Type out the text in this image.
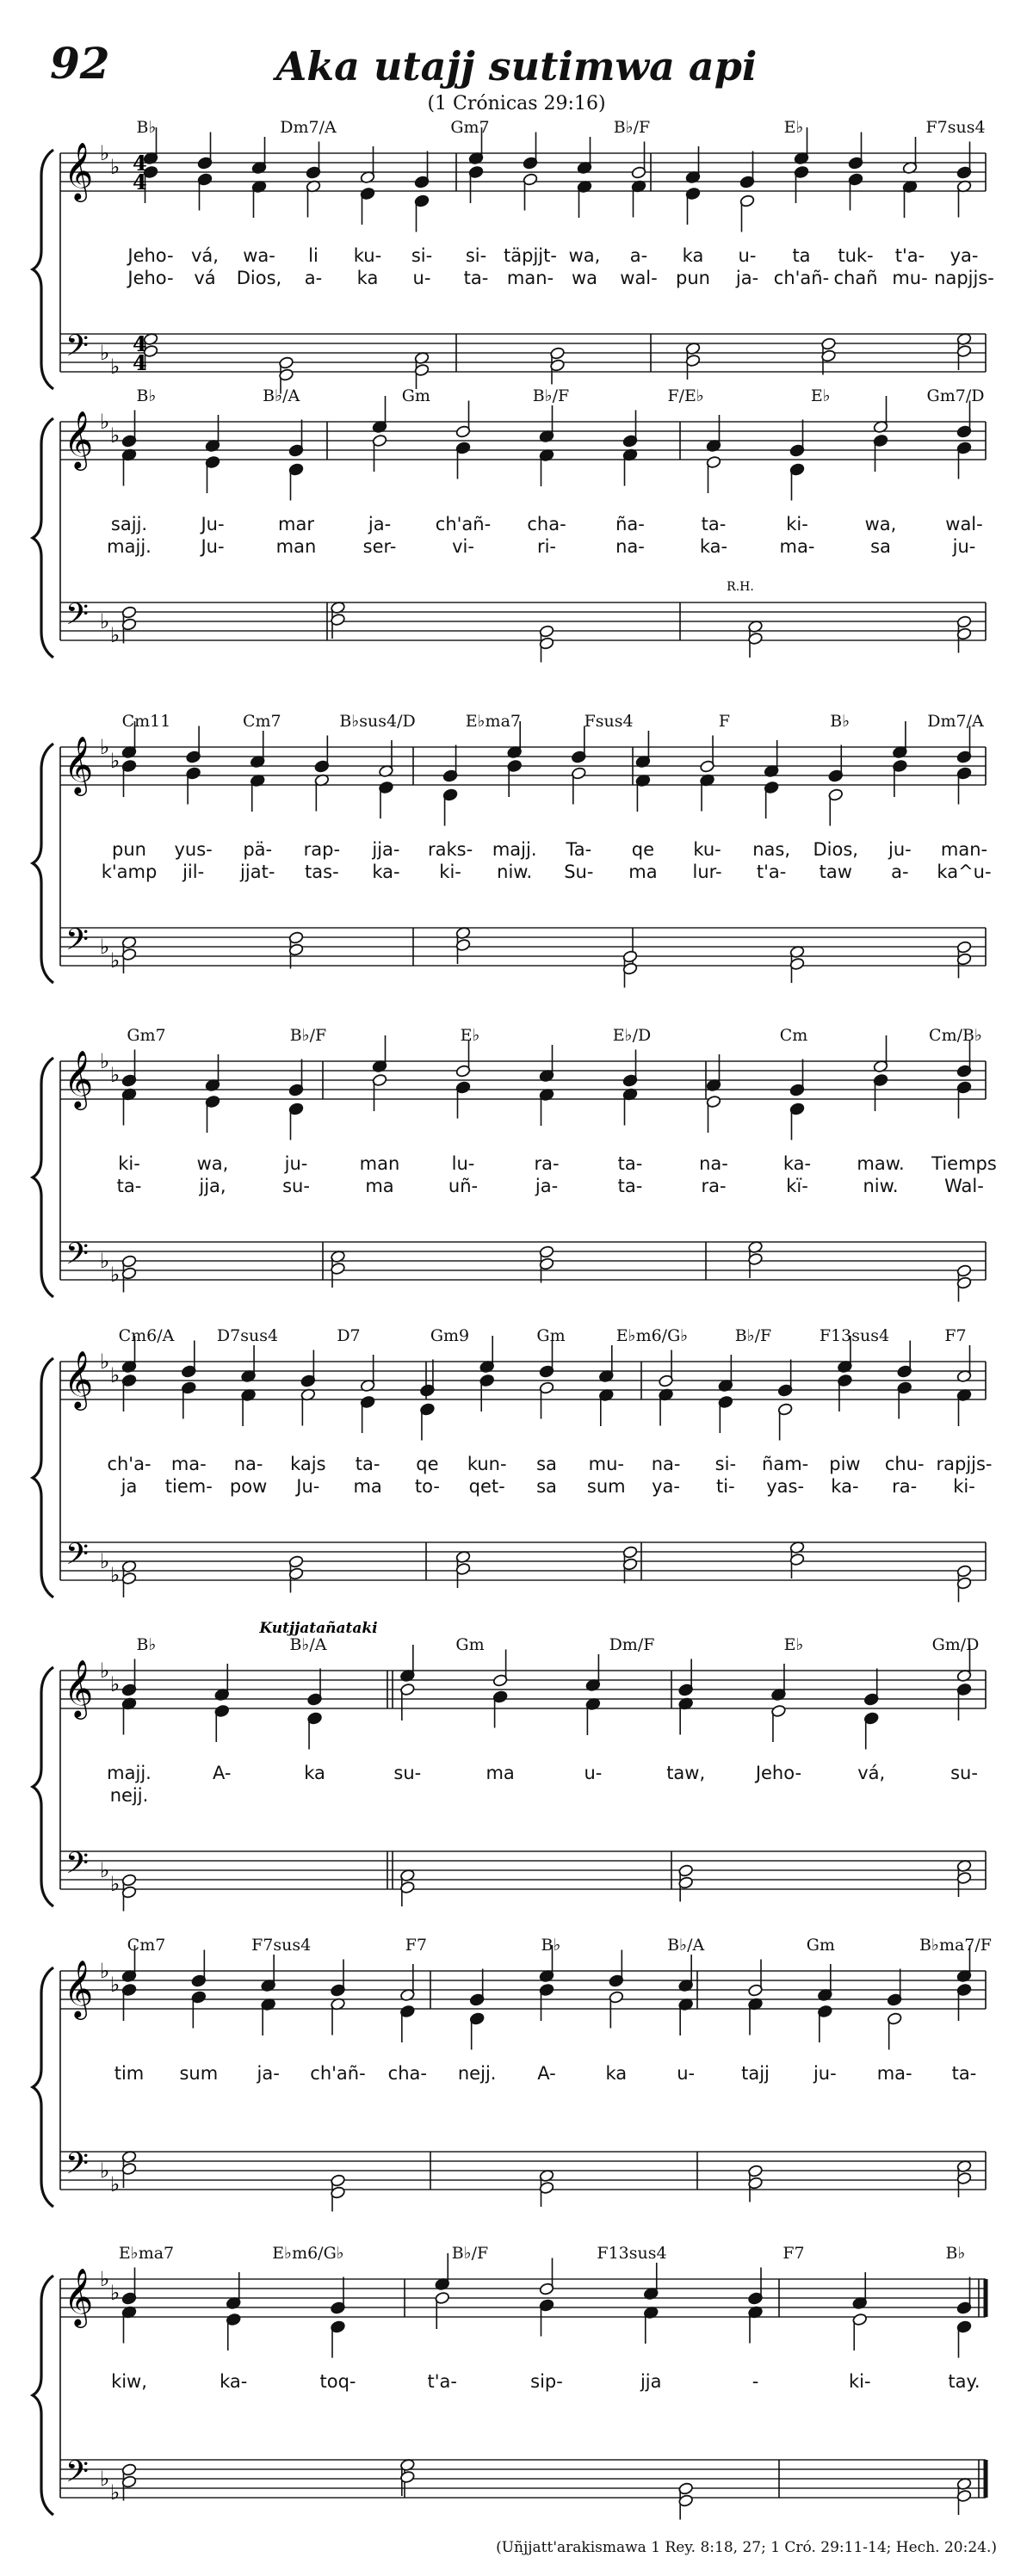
92	Aka utajj sutimwa api
(1 Crónicas 29:16)
B♭	Dm7/A	Gm7	B♭/F	E♭	F7sus4
𝄞
𝄢
♭
♭
♭
♭
4
4
4
4
Jeho- vá, wa- li ku- si- si- täpjjt- wa, a- ka u- ta tuk- t'a- ya-
Jeho- vá Dios, a- ka u- ta- man- wa wal- pun ja- ch'añ- chañ mu- napjjs-
B♭	B♭/A	Gm	B♭/F	F/E♭	E♭	Gm7/D
𝄞
𝄢
♭
♭
♭
♭
R.H.
sajj.	Ju-	mar	ja- ch'añ- cha-	ña-	ta-	ki-	wa,	wal-
majj.	Ju-	man	ser-	vi-	ri-	na-	ka-	ma-	sa	ju-
Cm11	Cm7	B♭sus4/D	E♭ma7	Fsus4	F	B♭	Dm7/A
𝄞
𝄢
♭
♭
♭
♭
pun yus- pä- rap- jja- raks- majj. Ta- qe ku- nas, Dios, ju- man-
k'amp jil- jjat- tas- ka- ki- niw. Su- ma lur- t'a- taw a- ka^u-
Gm7	B♭/F	E♭	E♭/D	Cm	Cm/B♭
𝄞
𝄢
♭
♭
♭
♭
ki-	wa,	ju-	man	lu-	ra-	ta-	na-	ka-	maw. Tiemps
ta-	jja,	su-	ma	uñ-	ja-	ta-	ra-	kï-	niw.	Wal-
Cm6/A	D7sus4	D7	Gm9	Gm	E♭m6/G♭	B♭/F	F13sus4	F7
𝄞
𝄢
♭
♭
♭
♭
ch'a- ma- na- kajs ta- qe kun- sa mu- na- si- ñam- piw chu- rapjjs-
ja tiem- pow Ju- ma to- qet- sa sum ya- ti- yas- ka- ra- ki-
B♭	B♭/A	Gm	Dm/F	E♭	Gm/D
Kutjjatañataki
𝄞
𝄢
♭
♭
♭
♭
majj.	A-	ka	su-	ma	u-	taw,	Jeho-	vá,	su-
nejj.
Cm7	F7sus4	F7	B♭	B♭/A	Gm	B♭ma7/F
𝄞
𝄢
♭
♭
♭
♭
tim sum ja- ch'añ- cha- nejj. A-	ka	u-	tajj ju- ma- ta-
E♭ma7	E♭m6/G♭	B♭/F	F13sus4	F7	B♭
𝄞
𝄢
♭
♭
♭
♭
kiw,	ka-	toq-	t'a-	sip-	jja	-	ki-	tay.
(Uñjjatt'arakismawa 1 Rey. 8:18, 27; 1 Cró. 29:11-14; Hech. 20:24.)
